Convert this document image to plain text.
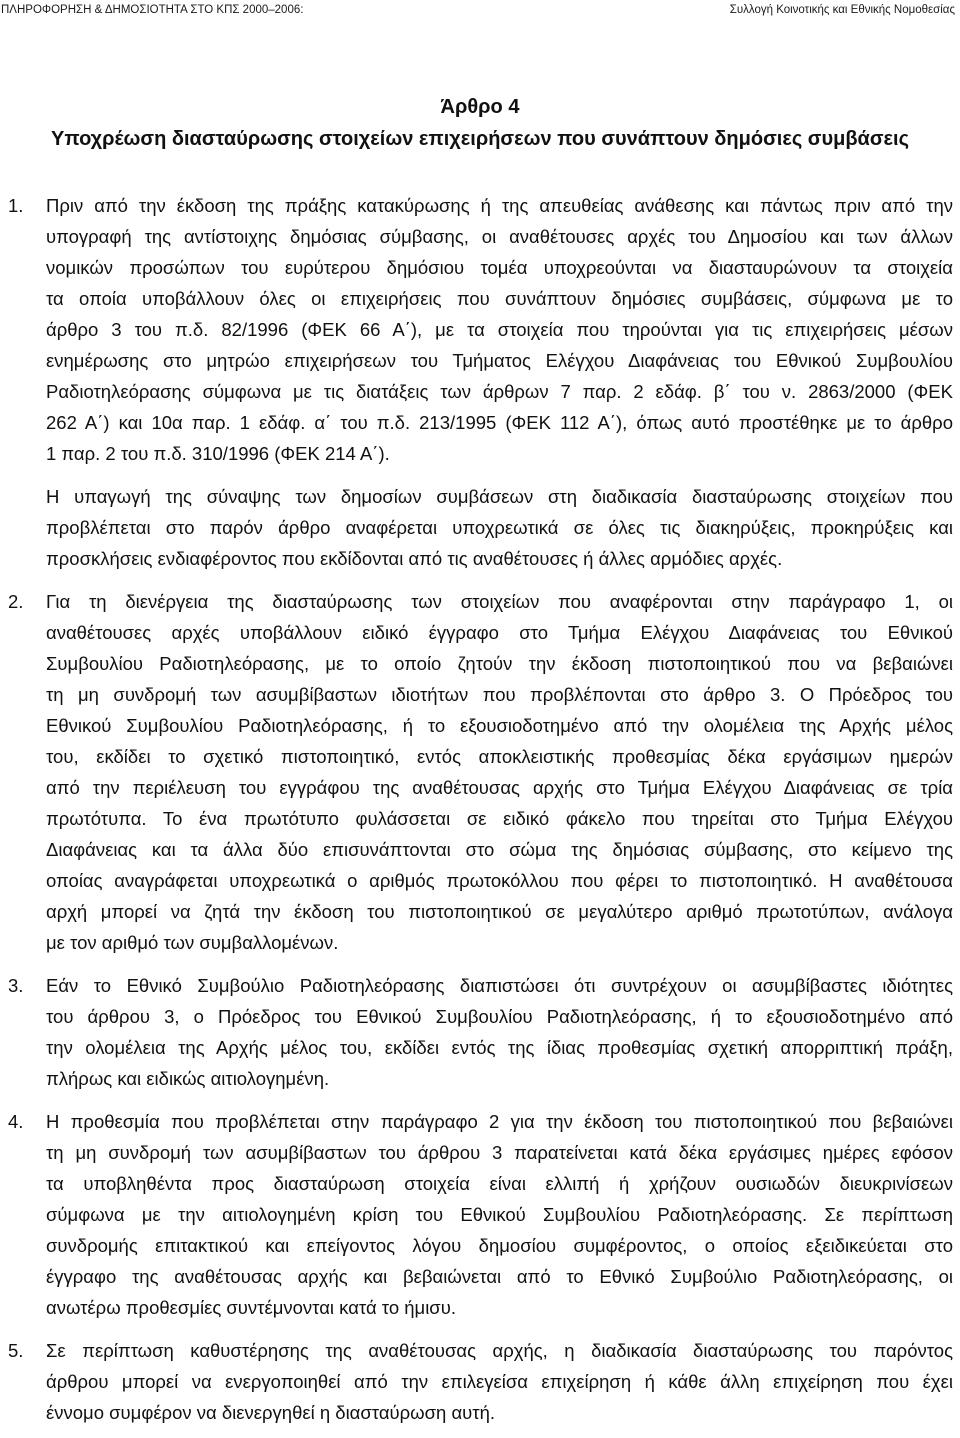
ΠΛΗΡΟΦΟΡΗΣΗ & ΔΗΜΟΣΙΟΤΗΤΑ ΣΤΟ ΚΠΣ 2000–2006:	Συλλογή Κοινοτικής και Εθνικής Νομοθεσίας
Άρθρο 4
Υποχρέωση διασταύρωσης στοιχείων επιχειρήσεων που συνάπτουν δημόσιες συμβάσεις
1. Πριν από την έκδοση της πράξης κατακύρωσης ή της απευθείας ανάθεσης και πάντως πριν από την
υπογραφή της αντίστοιχης δημόσιας σύμβασης, οι αναθέτουσες αρχές του Δημοσίου και των άλλων
νομικών προσώπων του ευρύτερου δημόσιου τομέα υποχρεούνται να διασταυρώνουν τα στοιχεία
τα οποία υποβάλλουν όλες οι επιχειρήσεις που συνάπτουν δημόσιες συμβάσεις, σύμφωνα με το
άρθρο 3 του π.δ. 82/1996 (ΦΕΚ 66 Α΄), με τα στοιχεία που τηρούνται για τις επιχειρήσεις μέσων
ενημέρωσης στο μητρώο επιχειρήσεων του Τμήματος Ελέγχου Διαφάνειας του Εθνικού Συμβουλίου
Ραδιοτηλεόρασης σύμφωνα με τις διατάξεις των άρθρων 7 παρ. 2 εδάφ. β΄ του ν. 2863/2000 (ΦΕΚ
262 Α΄) και 10α παρ. 1 εδάφ. α΄ του π.δ. 213/1995 (ΦΕΚ 112 Α΄), όπως αυτό προστέθηκε με το άρθρο
1 παρ. 2 του π.δ. 310/1996 (ΦΕΚ 214 Α΄).
Η υπαγωγή της σύναψης των δημοσίων συμβάσεων στη διαδικασία διασταύρωσης στοιχείων που
προβλέπεται στο παρόν άρθρο αναφέρεται υποχρεωτικά σε όλες τις διακηρύξεις, προκηρύξεις και
προσκλήσεις ενδιαφέροντος που εκδίδονται από τις αναθέτουσες ή άλλες αρμόδιες αρχές.
2. Για τη διενέργεια της διασταύρωσης των στοιχείων που αναφέρονται στην παράγραφο 1, οι
αναθέτουσες αρχές υποβάλλουν ειδικό έγγραφο στο Τμήμα Ελέγχου Διαφάνειας του Εθνικού
Συμβουλίου Ραδιοτηλεόρασης, με το οποίο ζητούν την έκδοση πιστοποιητικού που να βεβαιώνει
τη μη συνδρομή των ασυμβίβαστων ιδιοτήτων που προβλέπονται στο άρθρο 3. Ο Πρόεδρος του
Εθνικού Συμβουλίου Ραδιοτηλεόρασης, ή το εξουσιοδοτημένο από την ολομέλεια της Αρχής μέλος
του, εκδίδει το σχετικό πιστοποιητικό, εντός αποκλειστικής προθεσμίας δέκα εργάσιμων ημερών
από την περιέλευση του εγγράφου της αναθέτουσας αρχής στο Τμήμα Ελέγχου Διαφάνειας σε τρία
πρωτότυπα. Το ένα πρωτότυπο φυλάσσεται σε ειδικό φάκελο που τηρείται στο Τμήμα Ελέγχου
Διαφάνειας και τα άλλα δύο επισυνάπτονται στο σώμα της δημόσιας σύμβασης, στο κείμενο της
οποίας αναγράφεται υποχρεωτικά ο αριθμός πρωτοκόλλου που φέρει το πιστοποιητικό. Η αναθέτουσα
αρχή μπορεί να ζητά την έκδοση του πιστοποιητικού σε μεγαλύτερο αριθμό πρωτοτύπων, ανάλογα
με τον αριθμό των συμβαλλομένων.
3. Εάν το Εθνικό Συμβούλιο Ραδιοτηλεόρασης διαπιστώσει ότι συντρέχουν οι ασυμβίβαστες ιδιότητες
του άρθρου 3, ο Πρόεδρος του Εθνικού Συμβουλίου Ραδιοτηλεόρασης, ή το εξουσιοδοτημένο από
την ολομέλεια της Αρχής μέλος του, εκδίδει εντός της ίδιας προθεσμίας σχετική απορριπτική πράξη,
πλήρως και ειδικώς αιτιολογημένη.
4. Η προθεσμία που προβλέπεται στην παράγραφο 2 για την έκδοση του πιστοποιητικού που βεβαιώνει
τη μη συνδρομή των ασυμβίβαστων του άρθρου 3 παρατείνεται κατά δέκα εργάσιμες ημέρες εφόσον
τα υποβληθέντα προς διασταύρωση στοιχεία είναι ελλιπή ή χρήζουν ουσιωδών διευκρινίσεων
σύμφωνα με την αιτιολογημένη κρίση του Εθνικού Συμβουλίου Ραδιοτηλεόρασης. Σε περίπτωση
συνδρομής επιτακτικού και επείγοντος λόγου δημοσίου συμφέροντος, ο οποίος εξειδικεύεται στο
έγγραφο της αναθέτουσας αρχής και βεβαιώνεται από το Εθνικό Συμβούλιο Ραδιοτηλεόρασης, οι
ανωτέρω προθεσμίες συντέμνονται κατά το ήμισυ.
5. Σε περίπτωση καθυστέρησης της αναθέτουσας αρχής, η διαδικασία διασταύρωσης του παρόντος
άρθρου μπορεί να ενεργοποιηθεί από την επιλεγείσα επιχείρηση ή κάθε άλλη επιχείρηση που έχει
έννομο συμφέρον να διενεργηθεί η διασταύρωση αυτή.
